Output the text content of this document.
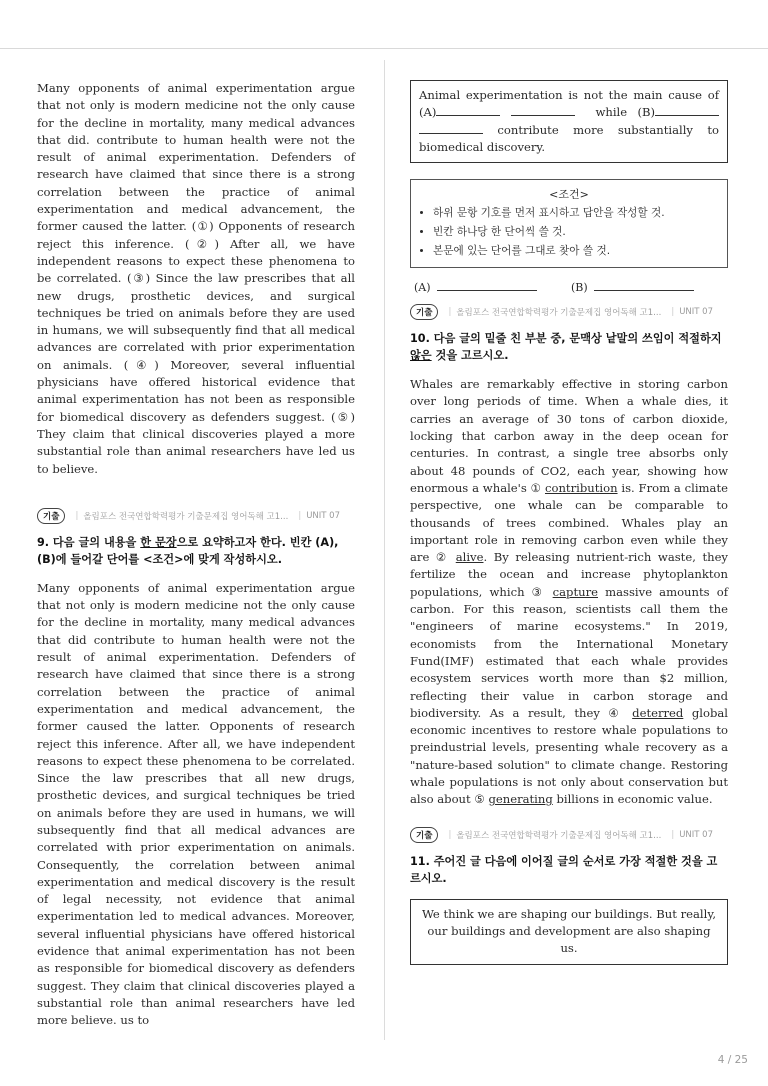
Many opponents of animal experimentation argue that not only is modern medicine not the only cause for the decline in mortality, many medical advances that did. contribute to human health were not the result of animal experimentation. Defenders of research have claimed that since there is a strong correlation between the practice of animal experimentation and medical advancement, the former caused the latter. (①) Opponents of research reject this inference. (②) After all, we have independent reasons to expect these phenomena to be correlated. (③) Since the law prescribes that all new drugs, prosthetic devices, and surgical techniques be tried on animals before they are used in humans, we will subsequently find that all medical advances are correlated with prior experimentation on animals. (④) Moreover, several influential physicians have offered historical evidence that animal experimentation has not been as responsible for biomedical discovery as defenders suggest. (⑤) They claim that clinical discoveries played a more substantial role than animal researchers have led us to believe.

기출	| 올림포스 전국연합학력평가 기출문제집 영어독해 고1...	| UNIT 07
9. 다음 글의 내용을 한 문장으로 요약하고자 한다. 빈칸 (A), (B)에 들어갈 단어를 <조건>에 맞게 작성하시오.

Many opponents of animal experimentation argue that not only is modern medicine not the only cause for the decline in mortality, many medical advances that did contribute to human health were not the result of animal experimentation. Defenders of research have claimed that since there is a strong correlation between the practice of animal experimentation and medical advancement, the former caused the latter. Opponents of research reject this inference. After all, we have independent reasons to expect these phenomena to be correlated. Since the law prescribes that all new drugs, prosthetic devices, and surgical techniques be tried on animals before they are used in humans, we will subsequently find that all medical advances are correlated with prior experimentation on animals. Consequently, the correlation between animal experimentation and medical discovery is the result of legal necessity, not evidence that animal experimentation led to medical advances. Moreover, several influential physicians have offered historical evidence that animal experimentation has not been as responsible for biomedical discovery as defenders suggest. They claim that clinical discoveries played a substantial role than animal researchers have led more believe. us to

Animal experimentation is not the main cause of (A)	while (B)  contribute more substantially to biomedical discovery.
<조건>
• 하위 문항 기호를 먼저 표시하고 답안을 작성할 것.
• 빈칸 하나당 한 단어씩 쓸 것.
• 본문에 있는 단어를 그대로 찾아 쓸 것.
(A)	(B)
기출	| 올림포스 전국연합학력평가 기출문제집 영어독해 고1...	| UNIT 07
10. 다음 글의 밑줄 친 부분 중, 문맥상 낱말의 쓰임이 적절하지 않은 것을 고르시오.

Whales are remarkably effective in storing carbon over long periods of time. When a whale dies, it carries an average of 30 tons of carbon dioxide, locking that carbon away in the deep ocean for centuries. In contrast, a single tree absorbs only about 48 pounds of CO2, each year, showing how enormous a whale's ① contribution is. From a climate perspective, one whale can be comparable to thousands of trees combined. Whales play an important role in removing carbon even while they are ② alive. By releasing nutrient-rich waste, they fertilize the ocean and increase phytoplankton populations, which ③ capture massive amounts of carbon. For this reason, scientists call them the "engineers of marine ecosystems." In 2019, economists from the International Monetary Fund(IMF) estimated that each whale provides ecosystem services worth more than $2 million, reflecting their value in carbon storage and biodiversity. As a result, they ④ deterred global economic incentives to restore whale populations to preindustrial levels, presenting whale recovery as a "nature-based solution" to climate change. Restoring whale populations is not only about conservation but also about ⑤ generating billions in economic value.

기출	| 올림포스 전국연합학력평가 기출문제집 영어독해 고1...	| UNIT 07
11. 주어진 글 다음에 이어질 글의 순서로 가장 적절한 것을 고르시오.
We think we are shaping our buildings. But really, our buildings and development are also shaping us.
4 / 25
